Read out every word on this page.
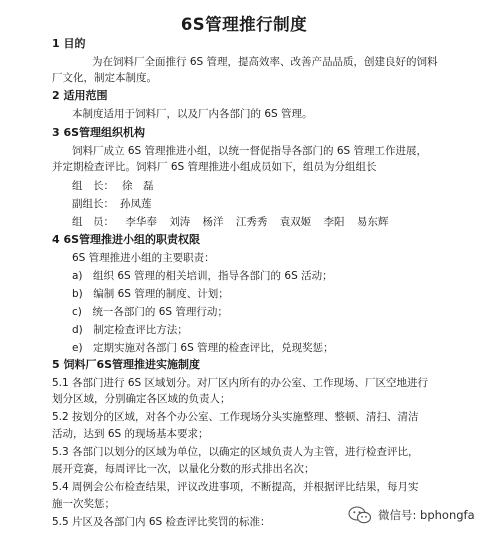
6S管理推行制度
1 目的
为在饲料厂全面推行 6S 管理，提高效率、改善产品品质，创建良好的饲料
厂文化，制定本制度。
2 适用范围
本制度适用于饲料厂，以及厂内各部门的 6S 管理。
3 6S管理组织机构
饲料厂成立 6S 管理推进小组，以统一督促指导各部门的 6S 管理工作进展，
并定期检查评比。饲料厂 6S 管理推进小组成员如下，组员为分组组长
组　长： 徐　磊
副组长： 孙凤莲
组　员： 李华奉 刘涛 杨洋 江秀秀 袁双姬 李阳 易东辉
4 6S管理推进小组的职责权限
6S 管理推进小组的主要职责：
a)　组织 6S 管理的相关培训，指导各部门的 6S 活动；
b)　编制 6S 管理的制度、计划；
c)　统一各部门的 6S 管理行动；
d)　制定检查评比方法；
e)　定期实施对各部门 6S 管理的检查评比，兑现奖惩；
5 饲料厂6S管理推进实施制度
5.1 各部门进行 6S 区域划分。对厂区内所有的办公室、工作现场、厂区空地进行
划分区域，分别确定各区域的负责人；
5.2 按划分的区域，对各个办公室、工作现场分头实施整理、整顿、清扫、清洁
活动，达到 6S 的现场基本要求；
5.3 各部门以划分的区域为单位，以确定的区域负责人为主管，进行检查评比，
展开竞赛，每周评比一次，以量化分数的形式排出名次；
5.4 周例会公布检查结果，评议改进事项，不断提高，并根据评比结果，每月实
施一次奖惩；
5.5 片区及各部门内 6S 检查评比奖罚的标准：	微信号: bphongfa
